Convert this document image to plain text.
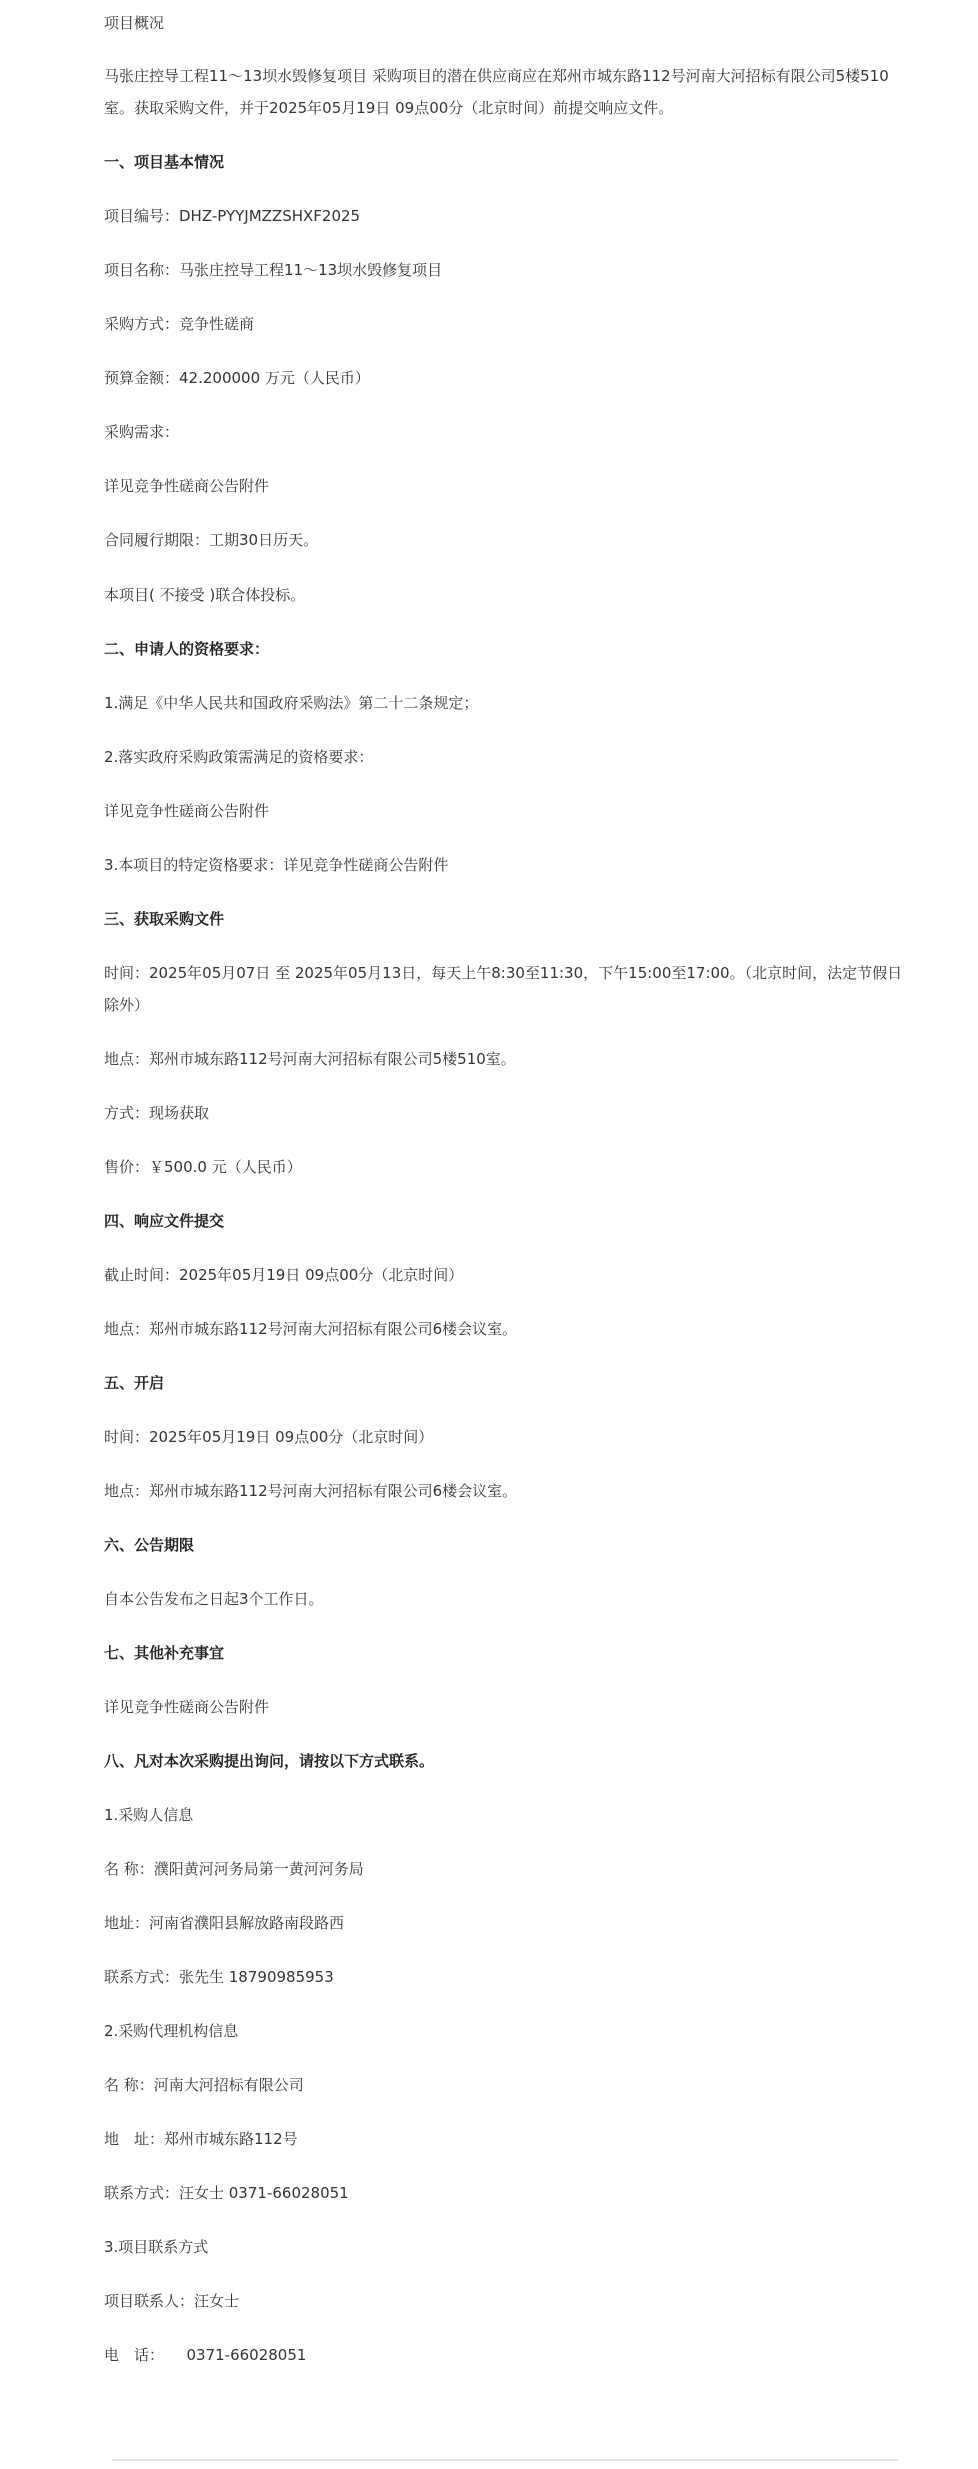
项目概况

马张庄控导工程11～13坝水毁修复项目 采购项目的潜在供应商应在郑州市城东路112号河南大河招标有限公司5楼510室。获取采购文件，并于2025年05月19日 09点00分（北京时间）前提交响应文件。

一、项目基本情况

项目编号：DHZ-PYYJMZZSHXF2025

项目名称：马张庄控导工程11～13坝水毁修复项目

采购方式：竞争性磋商

预算金额：42.200000 万元（人民币）

采购需求：

详见竞争性磋商公告附件

合同履行期限：工期30日历天。

本项目( 不接受 )联合体投标。

二、申请人的资格要求：

1.满足《中华人民共和国政府采购法》第二十二条规定；

2.落实政府采购政策需满足的资格要求：

详见竞争性磋商公告附件

3.本项目的特定资格要求：详见竞争性磋商公告附件

三、获取采购文件

时间：2025年05月07日 至 2025年05月13日，每天上午8:30至11:30，下午15:00至17:00。（北京时间，法定节假日除外）

地点：郑州市城东路112号河南大河招标有限公司5楼510室。

方式：现场获取

售价：￥500.0 元（人民币）

四、响应文件提交

截止时间：2025年05月19日 09点00分（北京时间）

地点：郑州市城东路112号河南大河招标有限公司6楼会议室。

五、开启

时间：2025年05月19日 09点00分（北京时间）

地点：郑州市城东路112号河南大河招标有限公司6楼会议室。

六、公告期限

自本公告发布之日起3个工作日。

七、其他补充事宜

详见竞争性磋商公告附件

八、凡对本次采购提出询问，请按以下方式联系。

1.采购人信息

名 称：濮阳黄河河务局第一黄河河务局

地址：河南省濮阳县解放路南段路西

联系方式：张先生 18790985953

2.采购代理机构信息

名 称：河南大河招标有限公司

地　址：郑州市城东路112号

联系方式：汪女士 0371-66028051

3.项目联系方式

项目联系人：汪女士

电　话：　　0371-66028051
